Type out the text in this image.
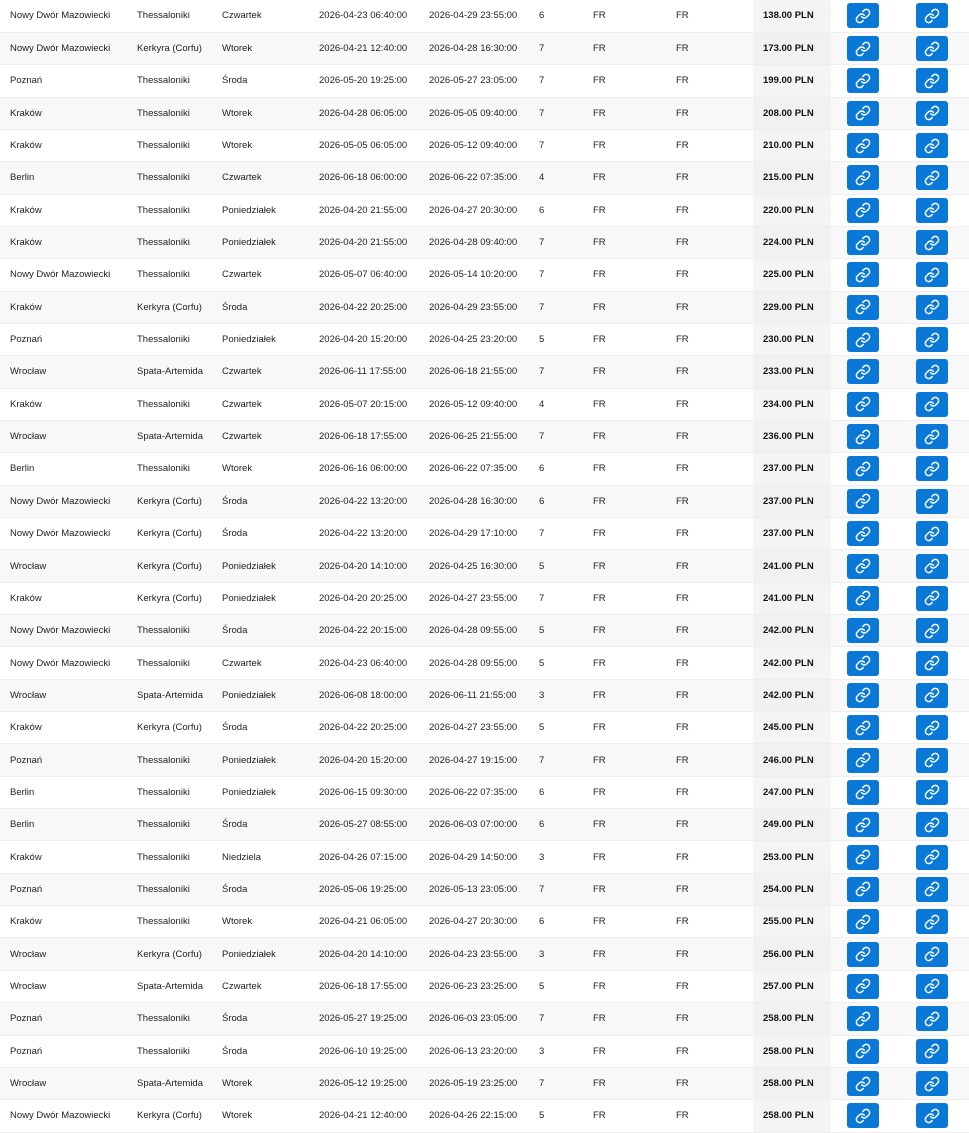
Nowy Dwór Mazowiecki	Thessaloniki	Czwartek	2026-04-23 06:40:00	2026-04-29 23:55:00	6	FR	FR	138.00 PLN	

Nowy Dwór Mazowiecki	Kerkyra (Corfu)	Wtorek	2026-04-21 12:40:00	2026-04-28 16:30:00	7	FR	FR	173.00 PLN	

Poznań	Thessaloniki	Środa	2026-05-20 19:25:00	2026-05-27 23:05:00	7	FR	FR	199.00 PLN	

Kraków	Thessaloniki	Wtorek	2026-04-28 06:05:00	2026-05-05 09:40:00	7	FR	FR	208.00 PLN	

Kraków	Thessaloniki	Wtorek	2026-05-05 06:05:00	2026-05-12 09:40:00	7	FR	FR	210.00 PLN	

Berlin	Thessaloniki	Czwartek	2026-06-18 06:00:00	2026-06-22 07:35:00	4	FR	FR	215.00 PLN	

Kraków	Thessaloniki	Poniedziałek	2026-04-20 21:55:00	2026-04-27 20:30:00	6	FR	FR	220.00 PLN	

Kraków	Thessaloniki	Poniedziałek	2026-04-20 21:55:00	2026-04-28 09:40:00	7	FR	FR	224.00 PLN	

Nowy Dwór Mazowiecki	Thessaloniki	Czwartek	2026-05-07 06:40:00	2026-05-14 10:20:00	7	FR	FR	225.00 PLN	

Kraków	Kerkyra (Corfu)	Środa	2026-04-22 20:25:00	2026-04-29 23:55:00	7	FR	FR	229.00 PLN	

Poznań	Thessaloniki	Poniedziałek	2026-04-20 15:20:00	2026-04-25 23:20:00	5	FR	FR	230.00 PLN	

Wrocław	Spata-Artemida	Czwartek	2026-06-11 17:55:00	2026-06-18 21:55:00	7	FR	FR	233.00 PLN	

Kraków	Thessaloniki	Czwartek	2026-05-07 20:15:00	2026-05-12 09:40:00	4	FR	FR	234.00 PLN	

Wrocław	Spata-Artemida	Czwartek	2026-06-18 17:55:00	2026-06-25 21:55:00	7	FR	FR	236.00 PLN	

Berlin	Thessaloniki	Wtorek	2026-06-16 06:00:00	2026-06-22 07:35:00	6	FR	FR	237.00 PLN	

Nowy Dwór Mazowiecki	Kerkyra (Corfu)	Środa	2026-04-22 13:20:00	2026-04-28 16:30:00	6	FR	FR	237.00 PLN	

Nowy Dwór Mazowiecki	Kerkyra (Corfu)	Środa	2026-04-22 13:20:00	2026-04-29 17:10:00	7	FR	FR	237.00 PLN	

Wrocław	Kerkyra (Corfu)	Poniedziałek	2026-04-20 14:10:00	2026-04-25 16:30:00	5	FR	FR	241.00 PLN	

Kraków	Kerkyra (Corfu)	Poniedziałek	2026-04-20 20:25:00	2026-04-27 23:55:00	7	FR	FR	241.00 PLN	

Nowy Dwór Mazowiecki	Thessaloniki	Środa	2026-04-22 20:15:00	2026-04-28 09:55:00	5	FR	FR	242.00 PLN	

Nowy Dwór Mazowiecki	Thessaloniki	Czwartek	2026-04-23 06:40:00	2026-04-28 09:55:00	5	FR	FR	242.00 PLN	

Wrocław	Spata-Artemida	Poniedziałek	2026-06-08 18:00:00	2026-06-11 21:55:00	3	FR	FR	242.00 PLN	

Kraków	Kerkyra (Corfu)	Środa	2026-04-22 20:25:00	2026-04-27 23:55:00	5	FR	FR	245.00 PLN	

Poznań	Thessaloniki	Poniedziałek	2026-04-20 15:20:00	2026-04-27 19:15:00	7	FR	FR	246.00 PLN	

Berlin	Thessaloniki	Poniedziałek	2026-06-15 09:30:00	2026-06-22 07:35:00	6	FR	FR	247.00 PLN	

Berlin	Thessaloniki	Środa	2026-05-27 08:55:00	2026-06-03 07:00:00	6	FR	FR	249.00 PLN	

Kraków	Thessaloniki	Niedziela	2026-04-26 07:15:00	2026-04-29 14:50:00	3	FR	FR	253.00 PLN	

Poznań	Thessaloniki	Środa	2026-05-06 19:25:00	2026-05-13 23:05:00	7	FR	FR	254.00 PLN	

Kraków	Thessaloniki	Wtorek	2026-04-21 06:05:00	2026-04-27 20:30:00	6	FR	FR	255.00 PLN	

Wrocław	Kerkyra (Corfu)	Poniedziałek	2026-04-20 14:10:00	2026-04-23 23:55:00	3	FR	FR	256.00 PLN	

Wrocław	Spata-Artemida	Czwartek	2026-06-18 17:55:00	2026-06-23 23:25:00	5	FR	FR	257.00 PLN	

Poznań	Thessaloniki	Środa	2026-05-27 19:25:00	2026-06-03 23:05:00	7	FR	FR	258.00 PLN	

Poznań	Thessaloniki	Środa	2026-06-10 19:25:00	2026-06-13 23:20:00	3	FR	FR	258.00 PLN	

Wrocław	Spata-Artemida	Wtorek	2026-05-12 19:25:00	2026-05-19 23:25:00	7	FR	FR	258.00 PLN	

Nowy Dwór Mazowiecki	Kerkyra (Corfu)	Wtorek	2026-04-21 12:40:00	2026-04-26 22:15:00	5	FR	FR	258.00 PLN	
